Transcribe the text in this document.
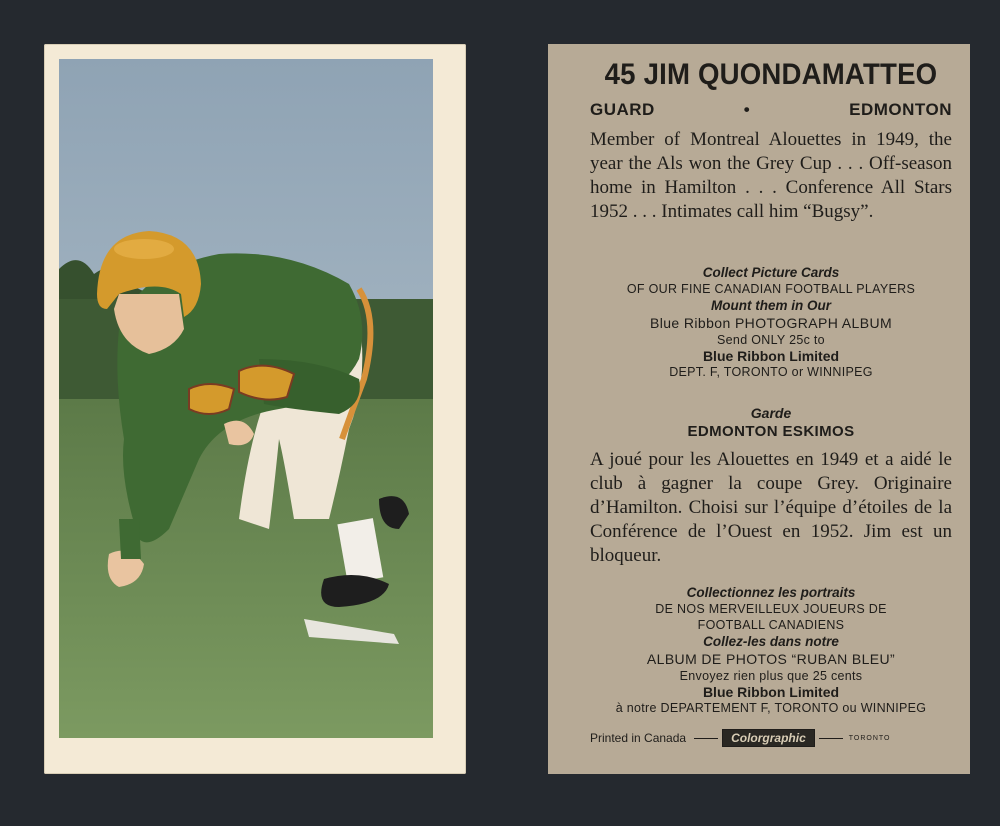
45 JIM QUONDAMATTEO
GUARD	•	EDMONTON
Member of Montreal Alouettes in 1949, the year the Als won the Grey Cup . . . Off-season home in Hamilton . . . Conference All Stars 1952 . . . Intimates call him “Bugsy”.
Collect Picture Cards
OF OUR FINE CANADIAN FOOTBALL PLAYERS
Mount them in Our
Blue Ribbon PHOTOGRAPH ALBUM
Send ONLY 25c to
Blue Ribbon Limited
DEPT. F, TORONTO or WINNIPEG
Garde
EDMONTON ESKIMOS
A joué pour les Alouettes en 1949 et a aidé le club à gagner la coupe Grey. Originaire d’Hamilton. Choisi sur l’équipe d’étoiles de la Conférence de l’Ouest en 1952. Jim est un bloqueur.
Collectionnez les portraits
DE NOS MERVEILLEUX JOUEURS DE
FOOTBALL CANADIENS
Collez-les dans notre
ALBUM DE PHOTOS “RUBAN BLEU”
Envoyez rien plus que 25 cents
Blue Ribbon Limited
à notre DEPARTEMENT F, TORONTO ou WINNIPEG
Printed in Canada	Colorgraphic	TORONTO
